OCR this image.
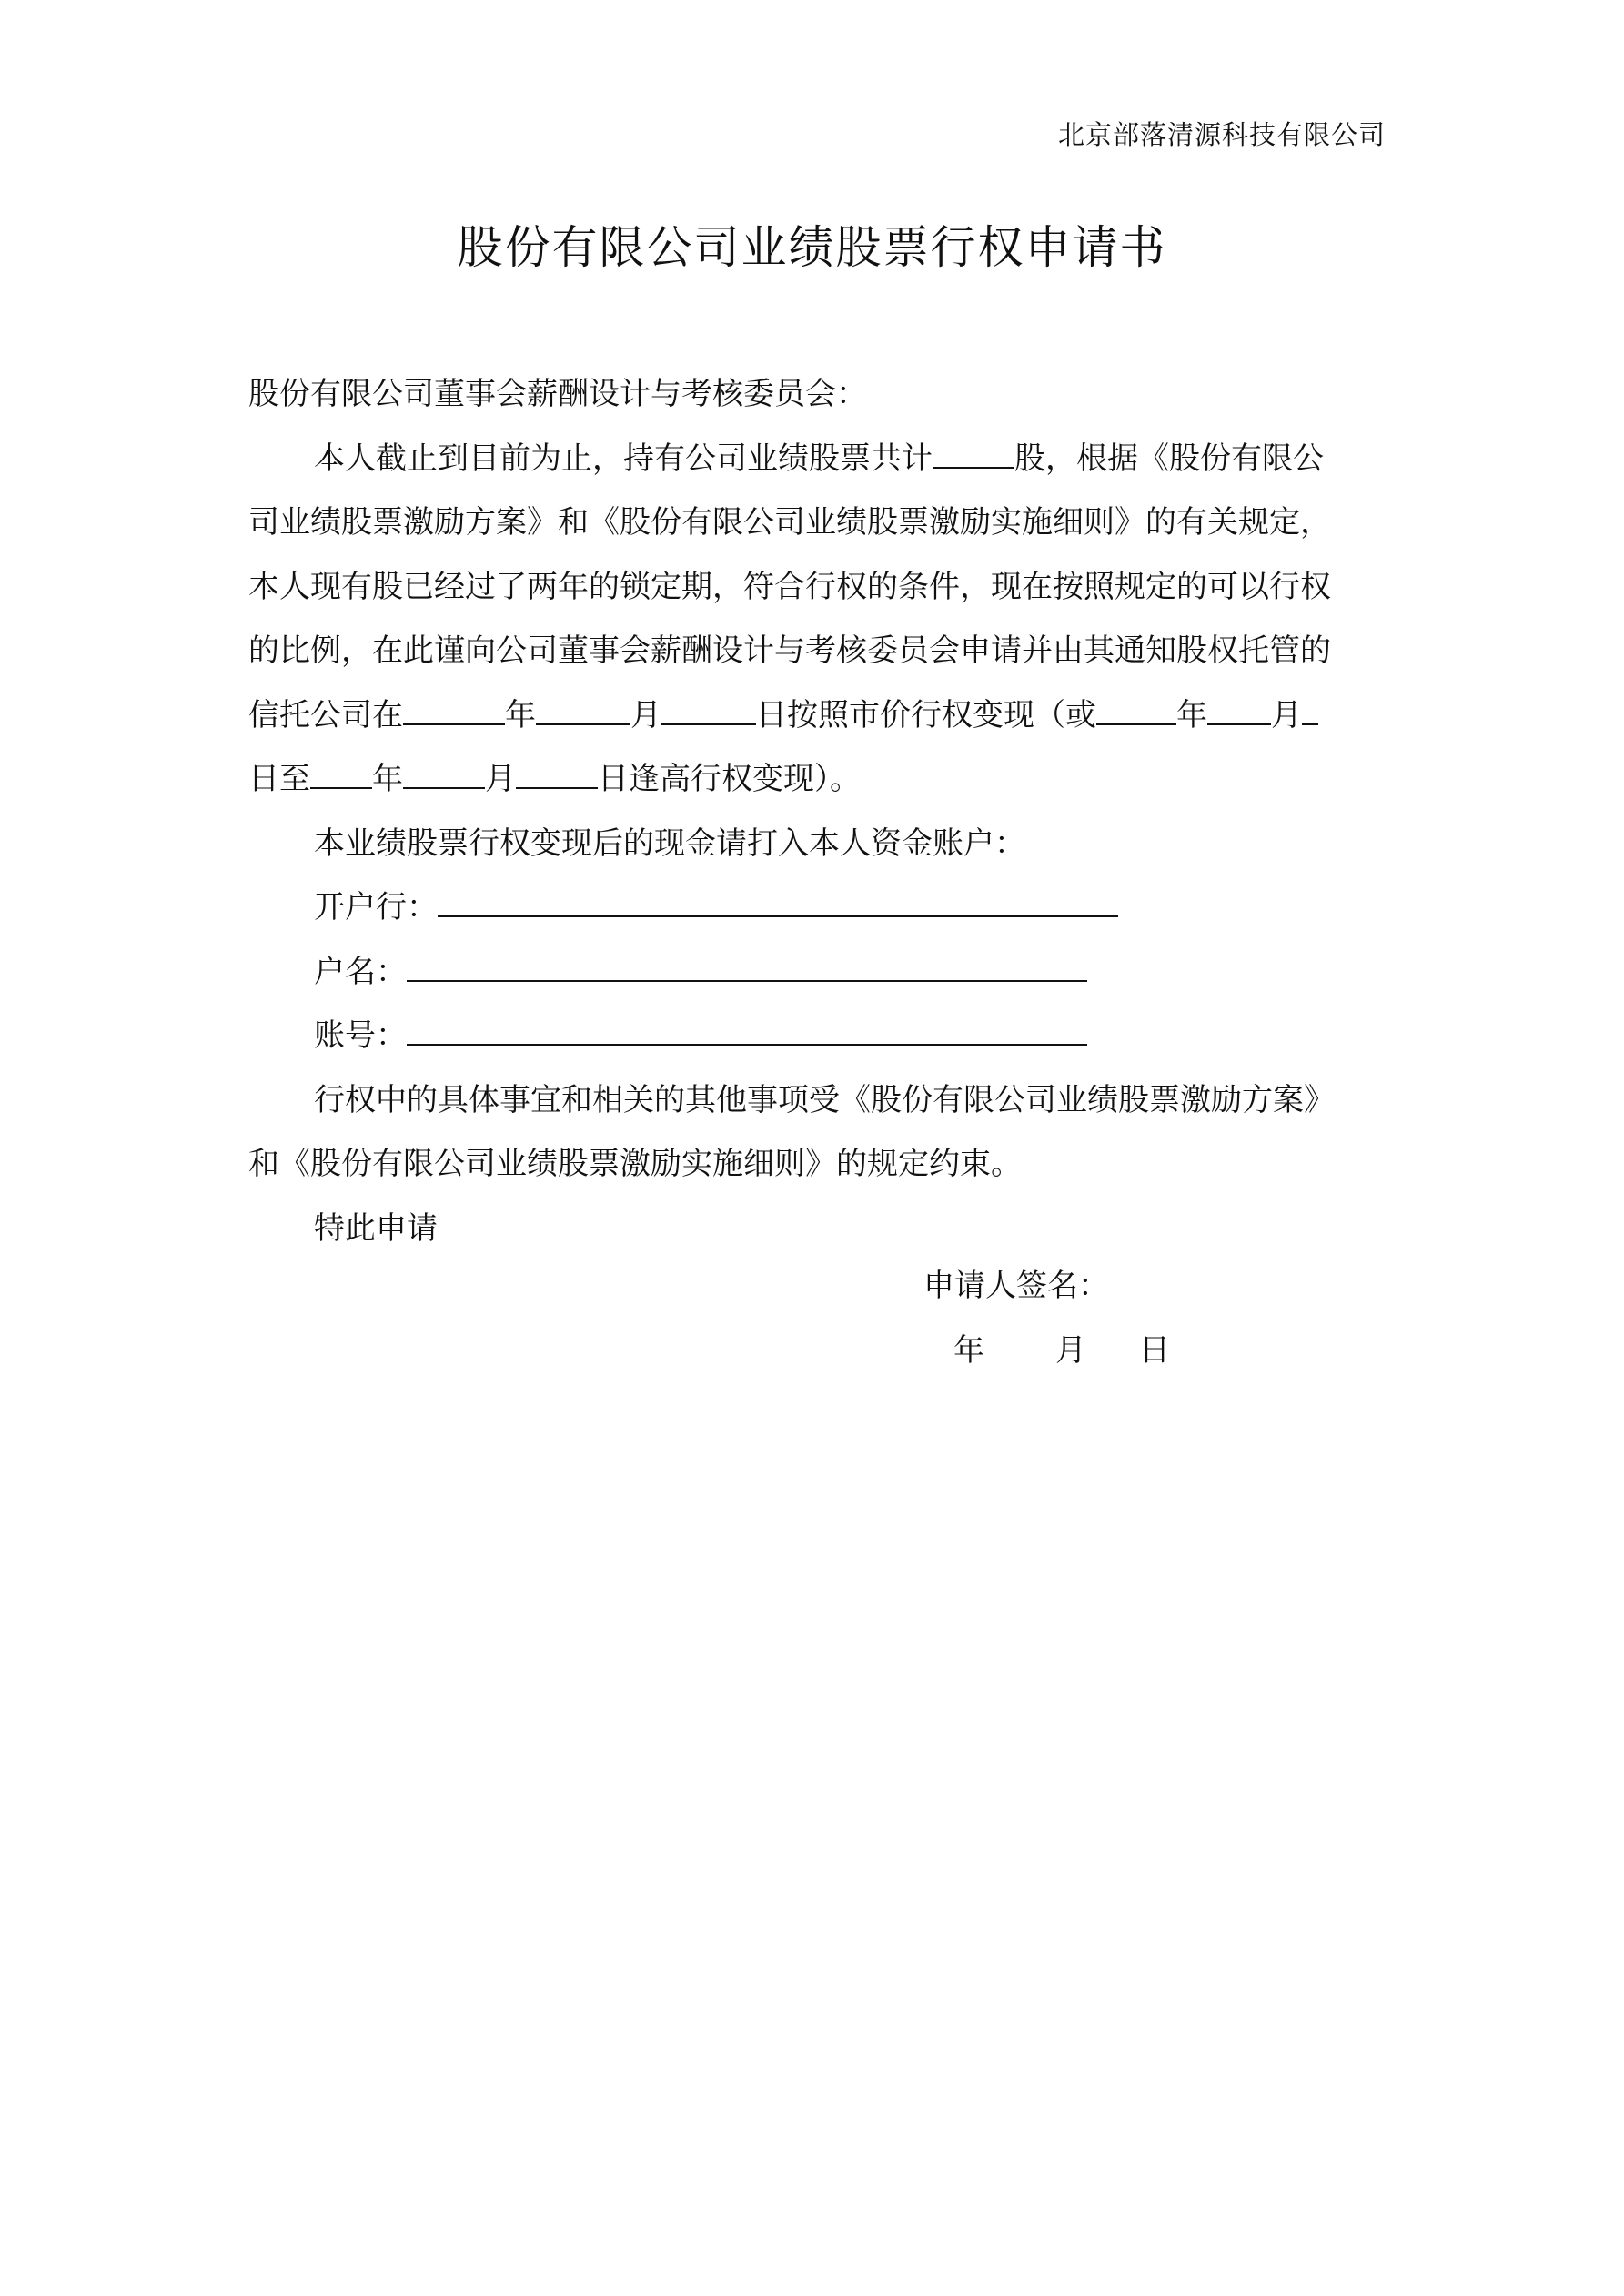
北京部落清源科技有限公司
股份有限公司业绩股票行权申请书
股份有限公司董事会薪酬设计与考核委员会：
本人截止到目前为止，持有公司业绩股票共计	股，根据《股份有限公
司业绩股票激励方案》和《股份有限公司业绩股票激励实施细则》的有关规定，
本人现有股已经过了两年的锁定期，符合行权的条件，现在按照规定的可以行权
的比例，在此谨向公司董事会薪酬设计与考核委员会申请并由其通知股权托管的
信托公司在	年	月	日按照市价行权变现（或	年 月
日至 年	月	日逢高行权变现）。
本业绩股票行权变现后的现金请打入本人资金账户：
开户行：
户名：
账号：
行权中的具体事宜和相关的其他事项受《股份有限公司业绩股票激励方案》
和《股份有限公司业绩股票激励实施细则》的规定约束。
特此申请
申请人签名：
年 月 日
